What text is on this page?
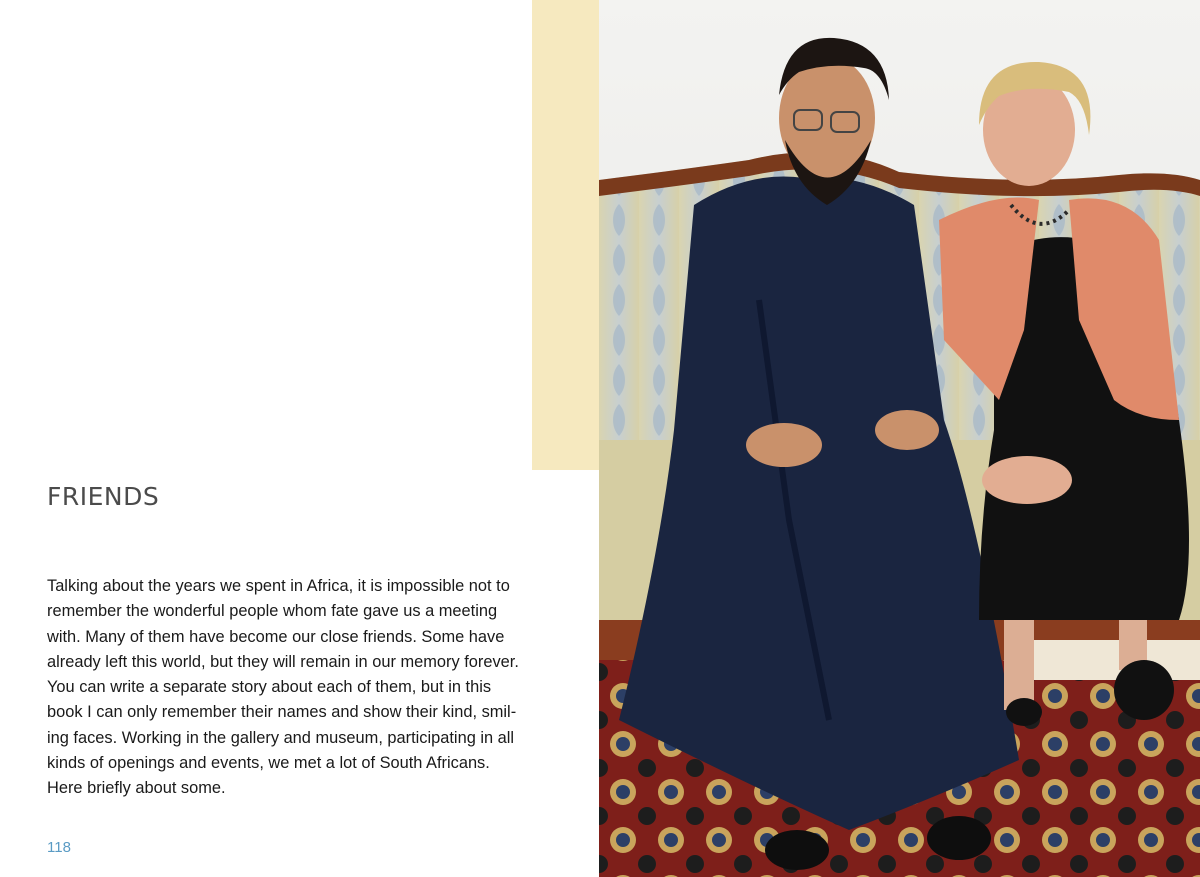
FRIENDS

Talking about the years we spent in Africa, it is impossible not to
remember the wonderful people whom fate gave us a meeting
with. Many of them have become our close friends. Some have
already left this world, but they will remain in our memory forever.
You can write a separate story about each of them, but in this
book I can only remember their names and show their kind, smil-
ing faces. Working in the gallery and museum, participating in all
kinds of openings and events, we met a lot of South Africans.
Here briefly about some.

118
